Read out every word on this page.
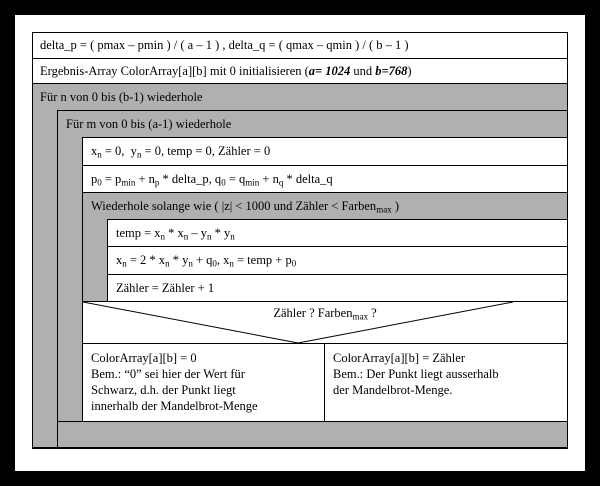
delta_p = ( pmax – pmin ) / ( a – 1 ) , delta_q = ( qmax – qmin ) / ( b – 1 )
Ergebnis-Array ColorArray[a][b] mit 0 initialisieren (a= 1024 und b=768)
Für n von 0 bis (b-1) wiederhole
Für m von 0 bis (a-1) wiederhole
$x_n = 0$,  $y_n = 0$, temp = 0, Zähler = 0
$p_0 = p_{min} + n_p$ * delta_p, $q_0 = q_{min} + n_q$ * delta_q
Wiederhole solange wie ( |z| < 1000 und Zähler < Farben$_{max}$ )
temp = $x_n * x_n - y_n * y_n$
$x_n = 2 * x_n * y_n + q_0$, $x_n$ = temp + $p_0$
Zähler = Zähler + 1
Zähler ? Farben$_{max}$ ?
ColorArray[a][b] = 0
Bem.: “0” sei hier der Wert für
Schwarz, d.h. der Punkt liegt
innerhalb der Mandelbrot-Menge
ColorArray[a][b] = Zähler
Bem.: Der Punkt liegt ausserhalb
der Mandelbrot-Menge.
